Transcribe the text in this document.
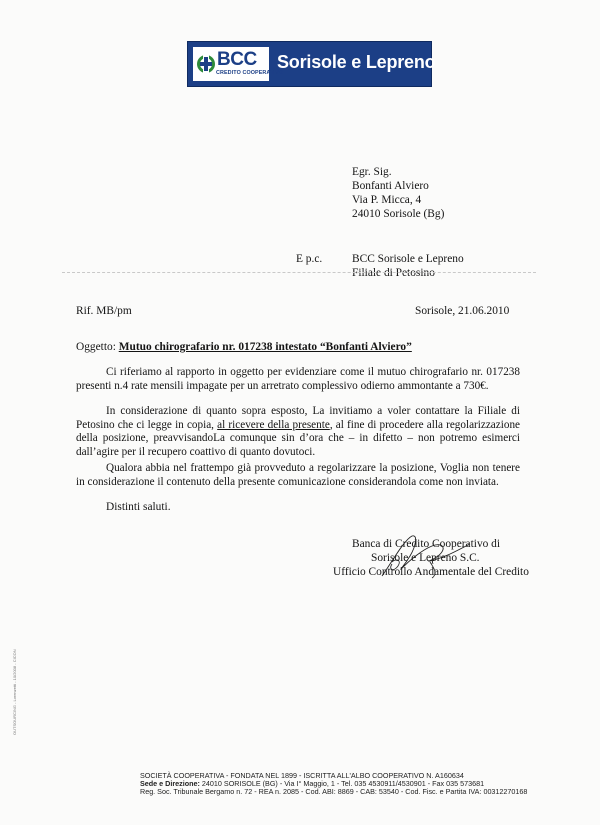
BCC
CREDITO COOPERATIVO
Sorisole e Lepreno
Egr. Sig.
Bonfanti Alviero
Via P. Micca, 4
24010 Sorisole (Bg)
E p.c.	BCC Sorisole e Lepreno
Filiale di Petosino
Rif. MB/pm	Sorisole, 21.06.2010
Oggetto: Mutuo chirografario nr. 017238 intestato “Bonfanti Alviero”
Ci riferiamo al rapporto in oggetto per evidenziare come il mutuo chirografario nr. 017238 presenti n.4 rate mensili impagate per un arretrato complessivo odierno ammontante a 730€.
In considerazione di quanto sopra esposto, La invitiamo a voler contattare la Filiale di Petosino che ci legge in copia, al ricevere della presente, al fine di procedere alla regolarizzazione della posizione, preavvisandoLa comunque sin d’ora che – in difetto – non potremo esimerci dall’agire per il recupero coattivo di quanto dovutoci.
Qualora abbia nel frattempo già provveduto a regolarizzare la posizione, Voglia non tenere in considerazione il contenuto della presente comunicazione considerandola come non inviata.
Distinti saluti.
Banca di Credito Cooperativo di
Sorisole e Lepreno S.C.
Ufficio Controllo Andamentale del Credito
OUTSOURCING - Lorenzetti - 10/2008 - CICON
SOCIETÀ COOPERATIVA - FONDATA NEL 1899 - ISCRITTA ALL'ALBO COOPERATIVO N. A160634
Sede e Direzione: 24010 SORISOLE (BG) - Via I° Maggio, 1 - Tel. 035 4530911/4530901 - Fax 035 573681
Reg. Soc. Tribunale Bergamo n. 72 - REA n. 2085 - Cod. ABI: 8869 - CAB: 53540 - Cod. Fisc. e Partita IVA: 00312270168
